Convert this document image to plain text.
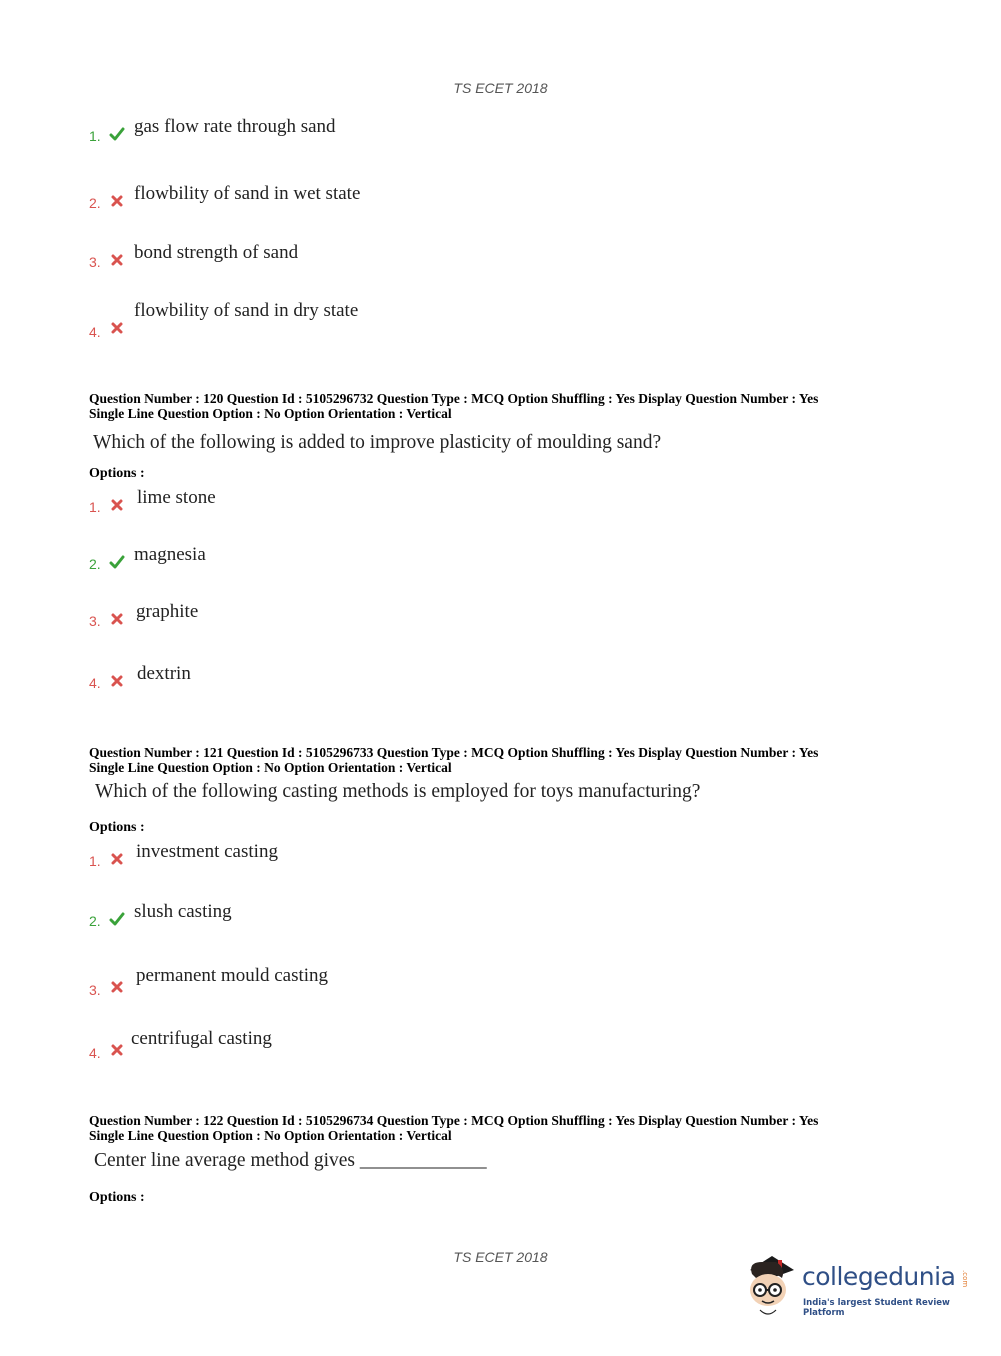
TS ECET 2018
1. gas flow rate through sand
2. flowbility of sand in wet state
3. bond strength of sand
4.
flowbility of sand in dry state
Question Number : 120 Question Id : 5105296732 Question Type : MCQ Option Shuffling : Yes Display Question Number : Yes
Single Line Question Option : No Option Orientation : Vertical
Which of the following is added to improve plasticity of moulding sand?
Options :
1. lime stone
2. magnesia
3. graphite
4. dextrin
Question Number : 121 Question Id : 5105296733 Question Type : MCQ Option Shuffling : Yes Display Question Number : Yes
Single Line Question Option : No Option Orientation : Vertical
Which of the following casting methods is employed for toys manufacturing?
Options :
1. investment casting
2. slush casting
3.
permanent mould casting
4.
centrifugal casting
Question Number : 122 Question Id : 5105296734 Question Type : MCQ Option Shuffling : Yes Display Question Number : Yes
Single Line Question Option : No Option Orientation : Vertical
Center line average method gives _____________
Options :
TS ECET 2018
collegedunia .com
India's largest Student Review Platform
